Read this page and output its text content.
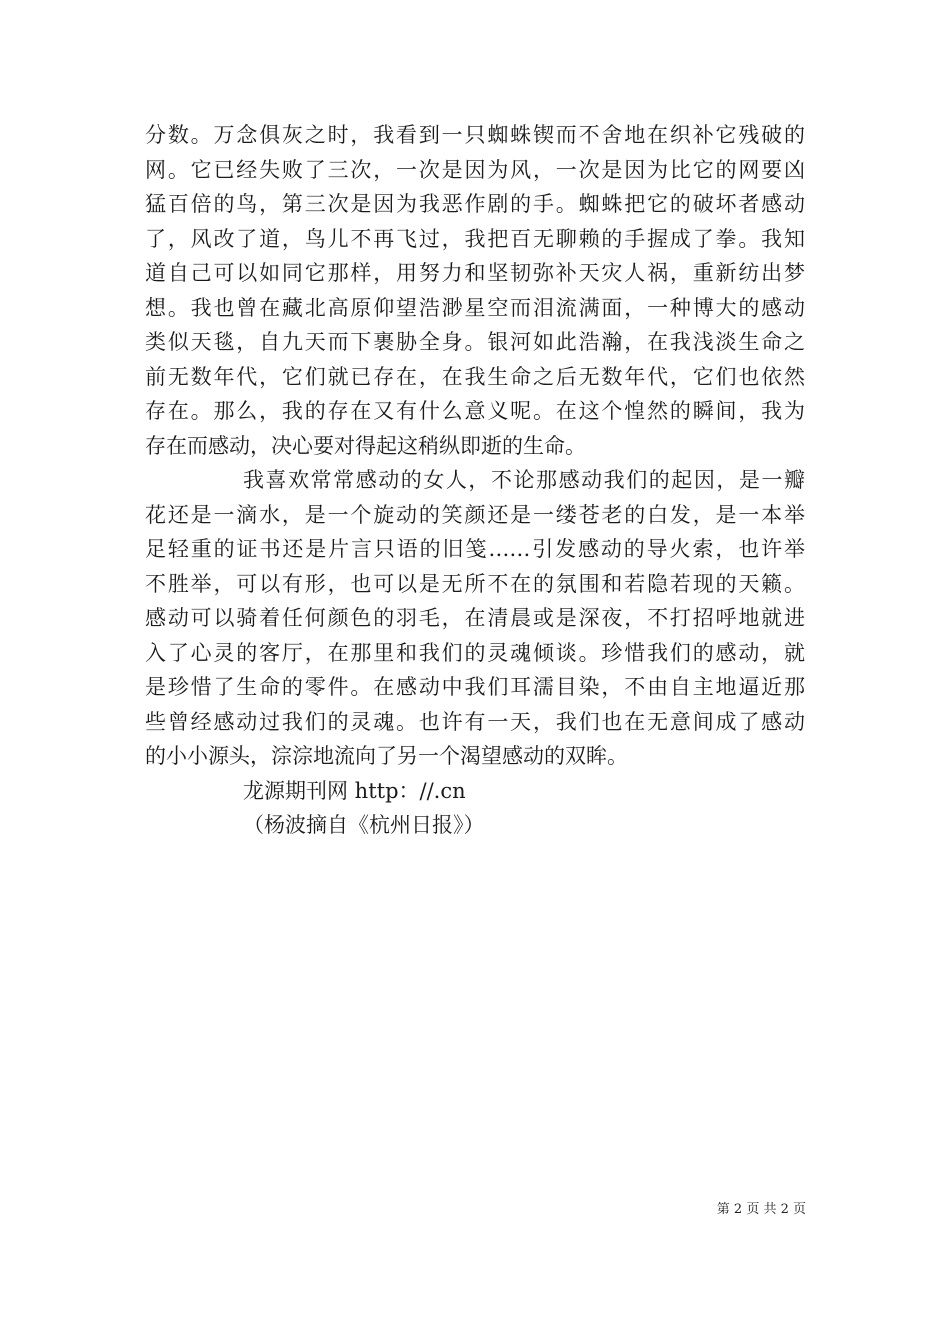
分数。万念俱灰之时，我看到一只蜘蛛锲而不舍地在织补它残破的
网。它已经失败了三次，一次是因为风，一次是因为比它的网要凶
猛百倍的鸟，第三次是因为我恶作剧的手。蜘蛛把它的破坏者感动
了，风改了道，鸟儿不再飞过，我把百无聊赖的手握成了拳。我知
道自己可以如同它那样，用努力和坚韧弥补天灾人祸，重新纺出梦
想。我也曾在藏北高原仰望浩渺星空而泪流满面，一种博大的感动
类似天毯，自九天而下裹胁全身。银河如此浩瀚，在我浅淡生命之
前无数年代，它们就已存在，在我生命之后无数年代，它们也依然
存在。那么，我的存在又有什么意义呢。在这个惶然的瞬间，我为
存在而感动，决心要对得起这稍纵即逝的生命。
我喜欢常常感动的女人，不论那感动我们的起因，是一瓣
花还是一滴水，是一个旋动的笑颜还是一缕苍老的白发，是一本举
足轻重的证书还是片言只语的旧笺……引发感动的导火索，也许举
不胜举，可以有形，也可以是无所不在的氛围和若隐若现的天籁。
感动可以骑着任何颜色的羽毛，在清晨或是深夜，不打招呼地就进
入了心灵的客厅，在那里和我们的灵魂倾谈。珍惜我们的感动，就
是珍惜了生命的零件。在感动中我们耳濡目染，不由自主地逼近那
些曾经感动过我们的灵魂。也许有一天，我们也在无意间成了感动
的小小源头，淙淙地流向了另一个渴望感动的双眸。
龙源期刊网 http：//.cn
（杨波摘自《杭州日报》）
第 2 页 共 2 页
